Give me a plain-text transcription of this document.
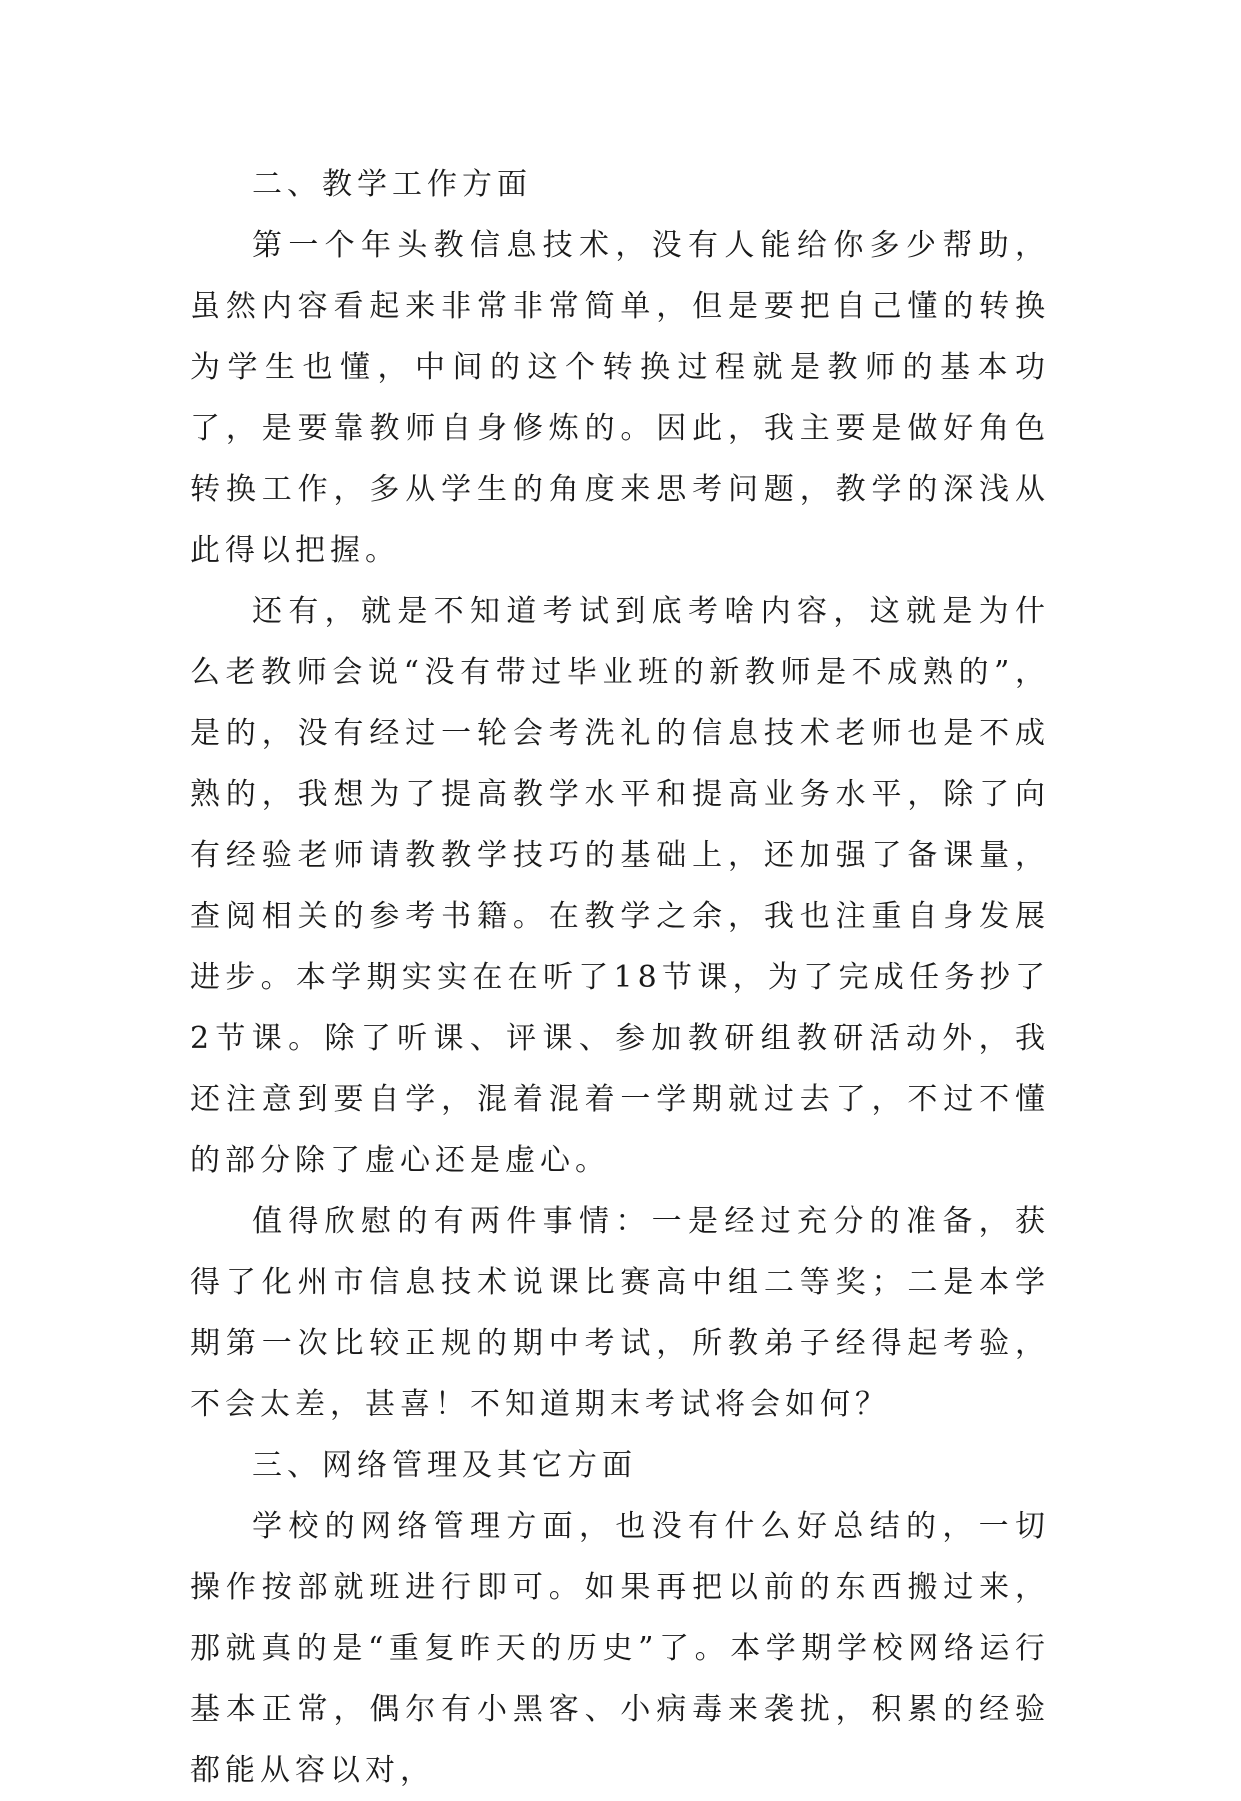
二、教学工作方面

第一个年头教信息技术，没有人能给你多少帮助，虽然内容看起来非常非常简单，但是要把自己懂的转换为学生也懂，中间的这个转换过程就是教师的基本功了，是要靠教师自身修炼的。因此，我主要是做好角色转换工作，多从学生的角度来思考问题，教学的深浅从此得以把握。

还有，就是不知道考试到底考啥内容，这就是为什么老教师会说“没有带过毕业班的新教师是不成熟的”，是的，没有经过一轮会考洗礼的信息技术老师也是不成熟的，我想为了提高教学水平和提高业务水平，除了向有经验老师请教教学技巧的基础上，还加强了备课量，查阅相关的参考书籍。在教学之余，我也注重自身发展进步。本学期实实在在听了18节课，为了完成任务抄了2节课。除了听课、评课、参加教研组教研活动外，我还注意到要自学，混着混着一学期就过去了，不过不懂的部分除了虚心还是虚心。

值得欣慰的有两件事情：一是经过充分的准备，获得了化州市信息技术说课比赛高中组二等奖；二是本学期第一次比较正规的期中考试，所教弟子经得起考验，不会太差，甚喜！不知道期末考试将会如何？

三、网络管理及其它方面

学校的网络管理方面，也没有什么好总结的，一切操作按部就班进行即可。如果再把以前的东西搬过来，那就真的是“重复昨天的历史”了。本学期学校网络运行基本正常，偶尔有小黑客、小病毒来袭扰，积累的经验都能从容以对，
